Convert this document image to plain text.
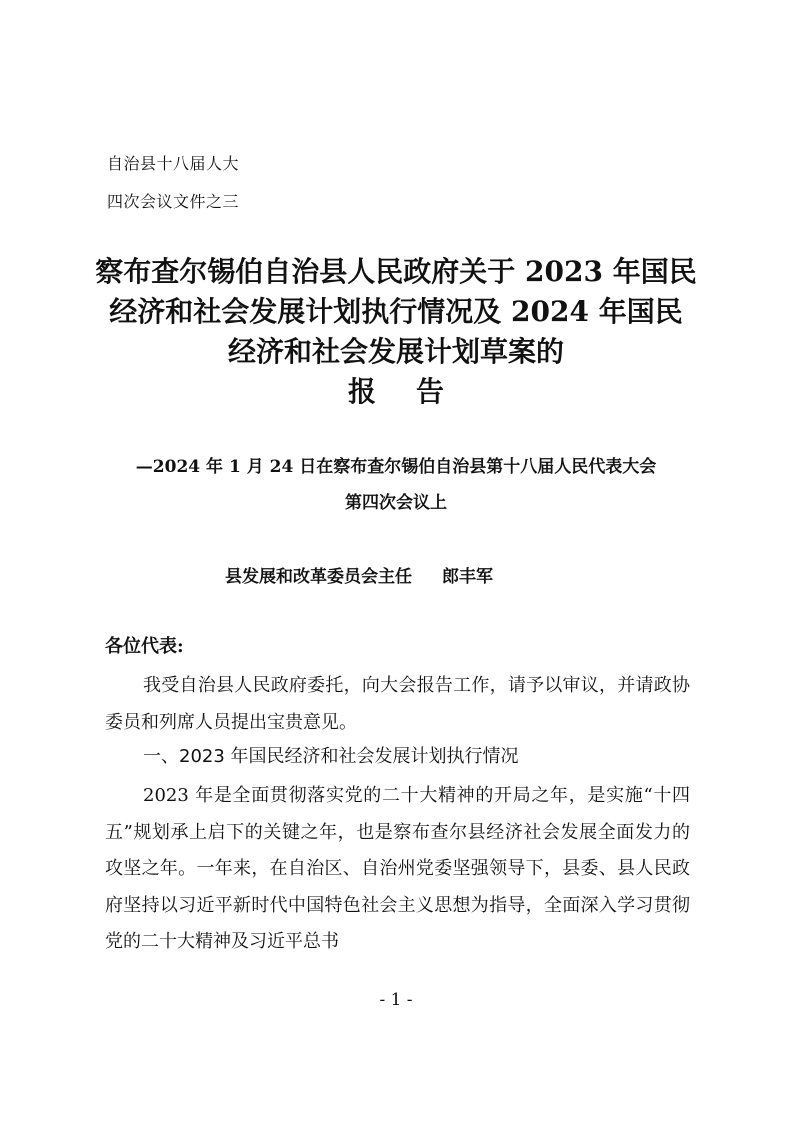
自治县十八届人大
四次会议文件之三
察布查尔锡伯自治县人民政府关于 2023 年国民
经济和社会发展计划执行情况及 2024 年国民
经济和社会发展计划草案的
报告
—2024 年 1 月 24 日在察布查尔锡伯自治县第十八届人民代表大会
第四次会议上
县发展和改革委员会主任 郎丰军
各位代表:

我受自治县人民政府委托，向大会报告工作，请予以审议，并请政协委员和列席人员提出宝贵意见。

一、2023 年国民经济和社会发展计划执行情况

2023 年是全面贯彻落实党的二十大精神的开局之年，是实施“十四五”规划承上启下的关键之年，也是察布查尔县经济社会发展全面发力的攻坚之年。一年来，在自治区、自治州党委坚强领导下，县委、县人民政府坚持以习近平新时代中国特色社会主义思想为指导，全面深入学习贯彻党的二十大精神及习近平总书

- 1 -
